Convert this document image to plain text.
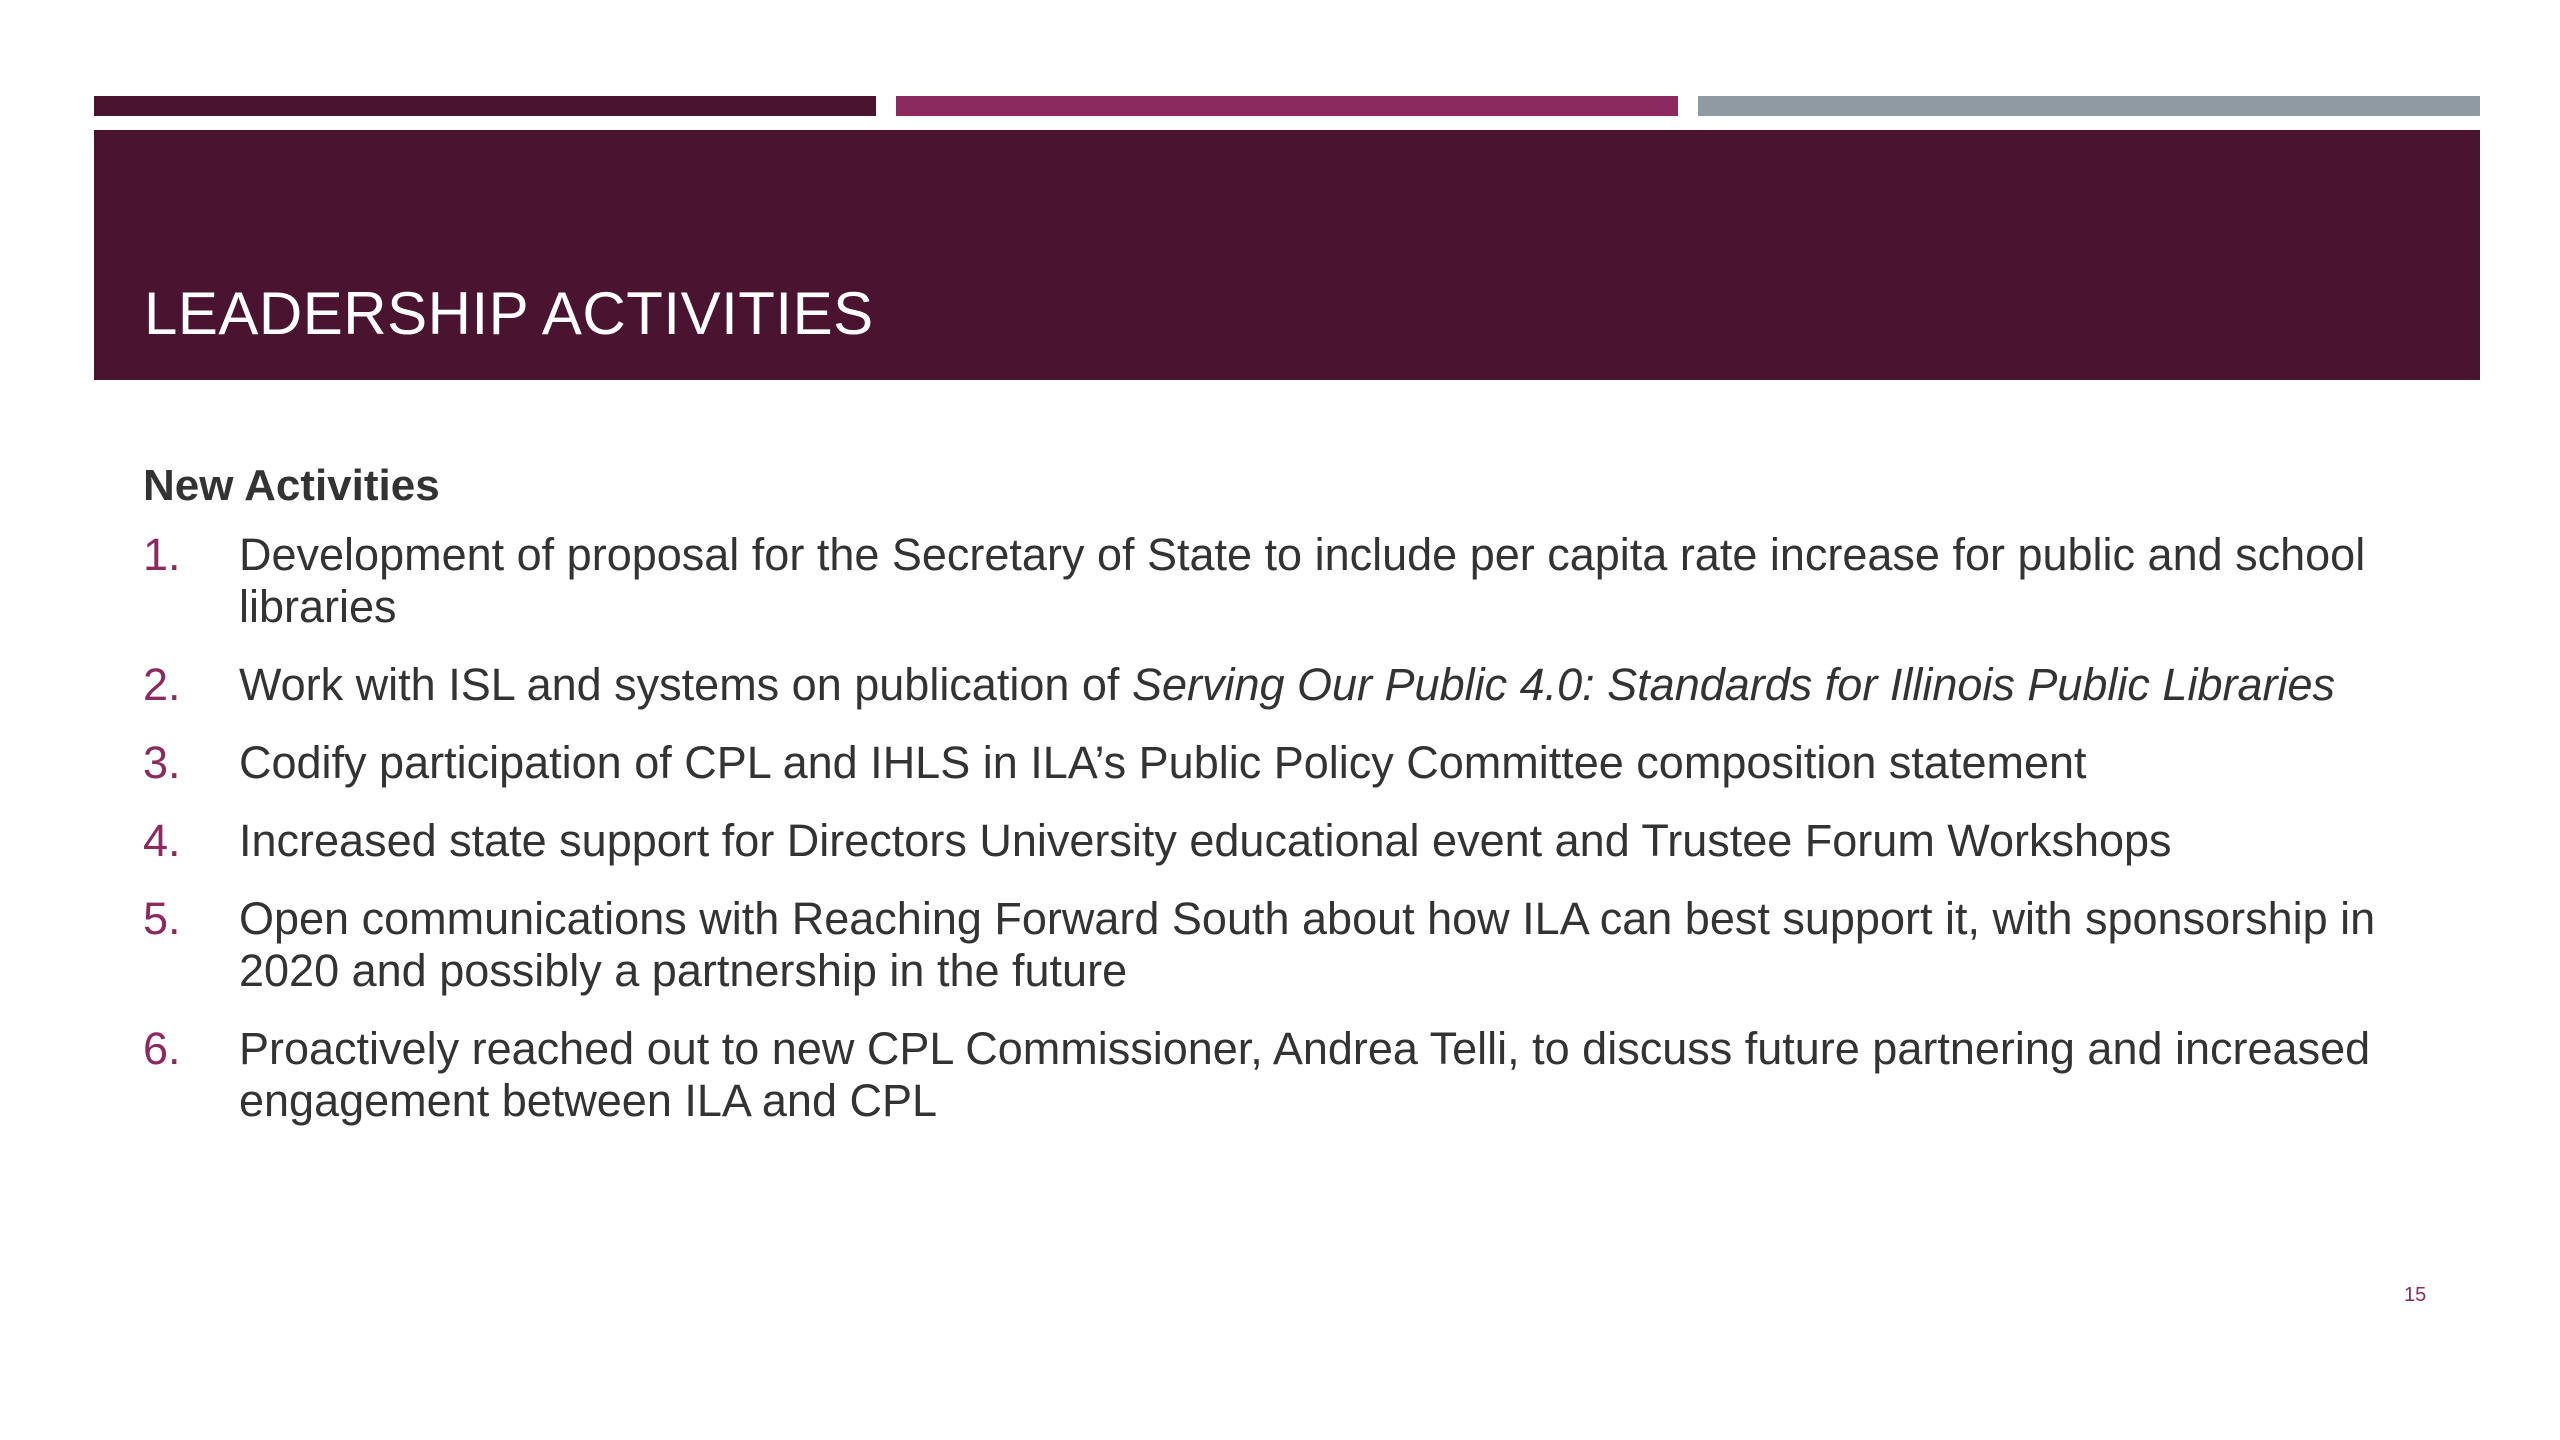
LEADERSHIP ACTIVITIES
New Activities
1. Development of proposal for the Secretary of State to include per capita rate increase for public and school libraries
2. Work with ISL and systems on publication of Serving Our Public 4.0: Standards for Illinois Public Libraries
3. Codify participation of CPL and IHLS in ILA’s Public Policy Committee composition statement
4. Increased state support for Directors University educational event and Trustee Forum Workshops
5. Open communications with Reaching Forward South about how ILA can best support it, with sponsorship in 2020 and possibly a partnership in the future
6. Proactively reached out to new CPL Commissioner, Andrea Telli, to discuss future partnering and increased engagement between ILA and CPL
15
